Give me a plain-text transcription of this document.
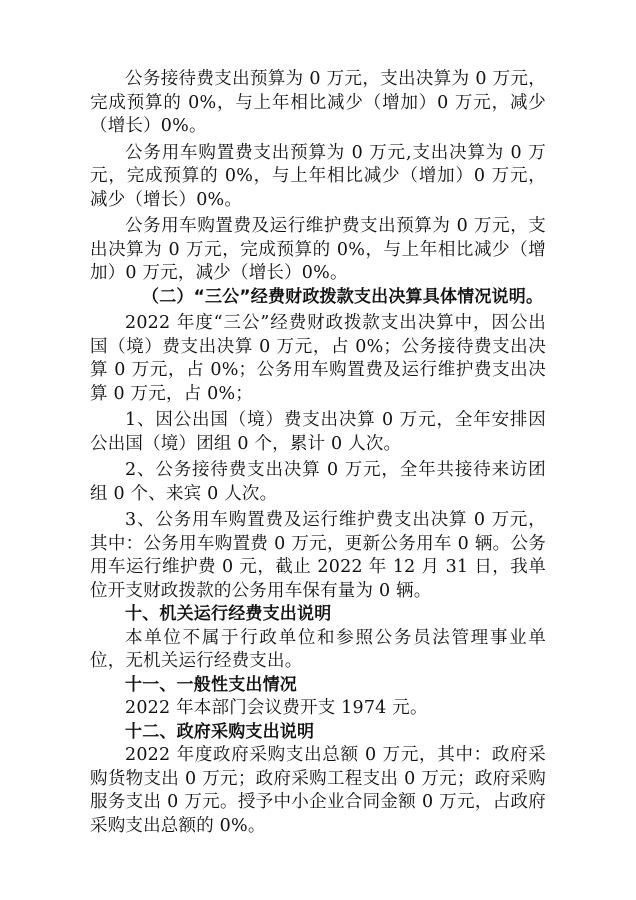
公务接待费支出预算为 0 万元，支出决算为 0 万元，完成预算的 0%，与上年相比减少（增加）0 万元，减少（增长）0%。

公务用车购置费支出预算为 0 万元,支出决算为 0 万元，完成预算的 0%，与上年相比减少（增加）0 万元，减少（增长）0%。

公务用车购置费及运行维护费支出预算为 0 万元，支出决算为 0 万元，完成预算的 0%，与上年相比减少（增加）0 万元，减少（增长）0%。

（二）“三公”经费财政拨款支出决算具体情况说明。

2022 年度“三公”经费财政拨款支出决算中，因公出国（境）费支出决算 0 万元，占 0%；公务接待费支出决算 0 万元，占 0%；公务用车购置费及运行维护费支出决算 0 万元，占 0%；

1、因公出国（境）费支出决算 0 万元，全年安排因公出国（境）团组 0 个，累计 0 人次。

2、公务接待费支出决算 0 万元，全年共接待来访团组 0 个、来宾 0 人次。

3、公务用车购置费及运行维护费支出决算 0 万元，其中：公务用车购置费 0 万元，更新公务用车 0 辆。公务用车运行维护费 0 元，截止 2022 年 12 月 31 日，我单位开支财政拨款的公务用车保有量为 0 辆。

十、机关运行经费支出说明

本单位不属于行政单位和参照公务员法管理事业单位，无机关运行经费支出。

十一、一般性支出情况

2022 年本部门会议费开支 1974 元。

十二、政府采购支出说明

2022 年度政府采购支出总额 0 万元，其中：政府采购货物支出 0 万元；政府采购工程支出 0 万元；政府采购服务支出 0 万元。授予中小企业合同金额 0 万元，占政府采购支出总额的 0%。
